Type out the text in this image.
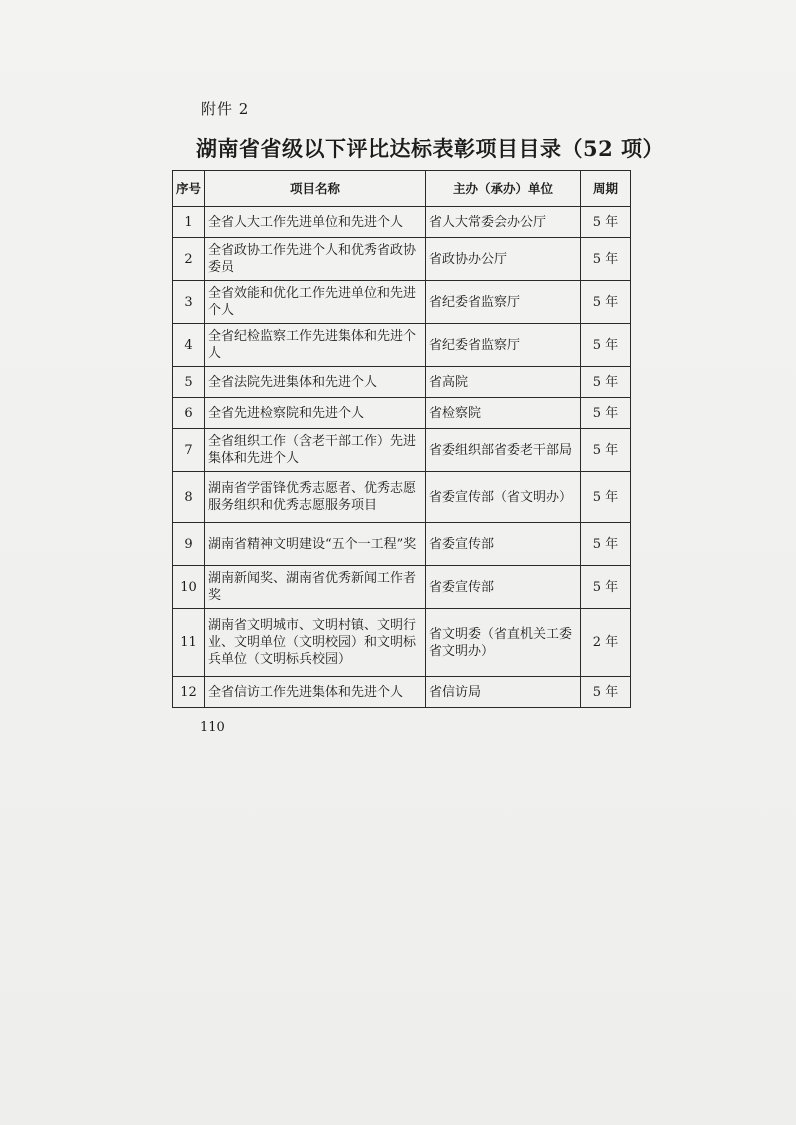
附件 2
湖南省省级以下评比达标表彰项目目录（52 项）
序号	项目名称	主办（承办）单位	周期
1	全省人大工作先进单位和先进个人	省人大常委会办公厅	5 年
2	全省政协工作先进个人和优秀省政协委员	省政协办公厅	5 年
3	全省效能和优化工作先进单位和先进个人	省纪委省监察厅	5 年
4	全省纪检监察工作先进集体和先进个人	省纪委省监察厅	5 年
5	全省法院先进集体和先进个人	省高院	5 年
6	全省先进检察院和先进个人	省检察院	5 年
7	全省组织工作（含老干部工作）先进集体和先进个人	省委组织部省委老干部局	5 年
8	湖南省学雷锋优秀志愿者、优秀志愿服务组织和优秀志愿服务项目	省委宣传部（省文明办）	5 年
9	湖南省精神文明建设“五个一工程”奖	省委宣传部	5 年
10	湖南新闻奖、湖南省优秀新闻工作者奖	省委宣传部	5 年
11	湖南省文明城市、文明村镇、文明行业、文明单位（文明校园）和文明标兵单位（文明标兵校园）	省文明委（省直机关工委省文明办）	2 年
12	全省信访工作先进集体和先进个人	省信访局	5 年
110
